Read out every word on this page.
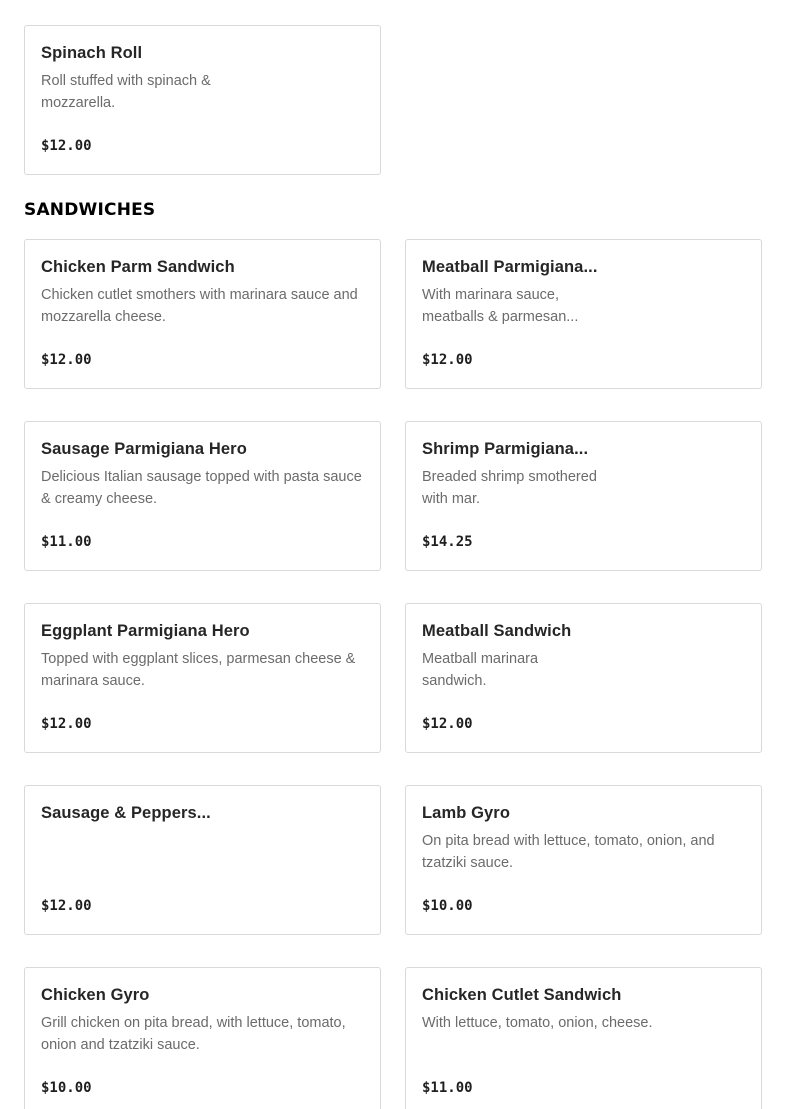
Spinach Roll
Roll stuffed with spinach &
mozzarella.
$12.00
SANDWICHES
Chicken Parm Sandwich
Chicken cutlet smothers with marinara sauce and
mozzarella cheese.
$12.00
Meatball Parmigiana...
With marinara sauce,
meatballs & parmesan...
$12.00
Sausage Parmigiana Hero
Delicious Italian sausage topped with pasta sauce
& creamy cheese.
$11.00
Shrimp Parmigiana...
Breaded shrimp smothered
with mar.
$14.25
Eggplant Parmigiana Hero
Topped with eggplant slices, parmesan cheese &
marinara sauce.
$12.00
Meatball Sandwich
Meatball marinara
sandwich.
$12.00
Sausage & Peppers...
$12.00
Lamb Gyro
On pita bread with lettuce, tomato, onion, and
tzatziki sauce.
$10.00
Chicken Gyro
Grill chicken on pita bread, with lettuce, tomato,
onion and tzatziki sauce.
$10.00
Chicken Cutlet Sandwich
With lettuce, tomato, onion, cheese.
$11.00
